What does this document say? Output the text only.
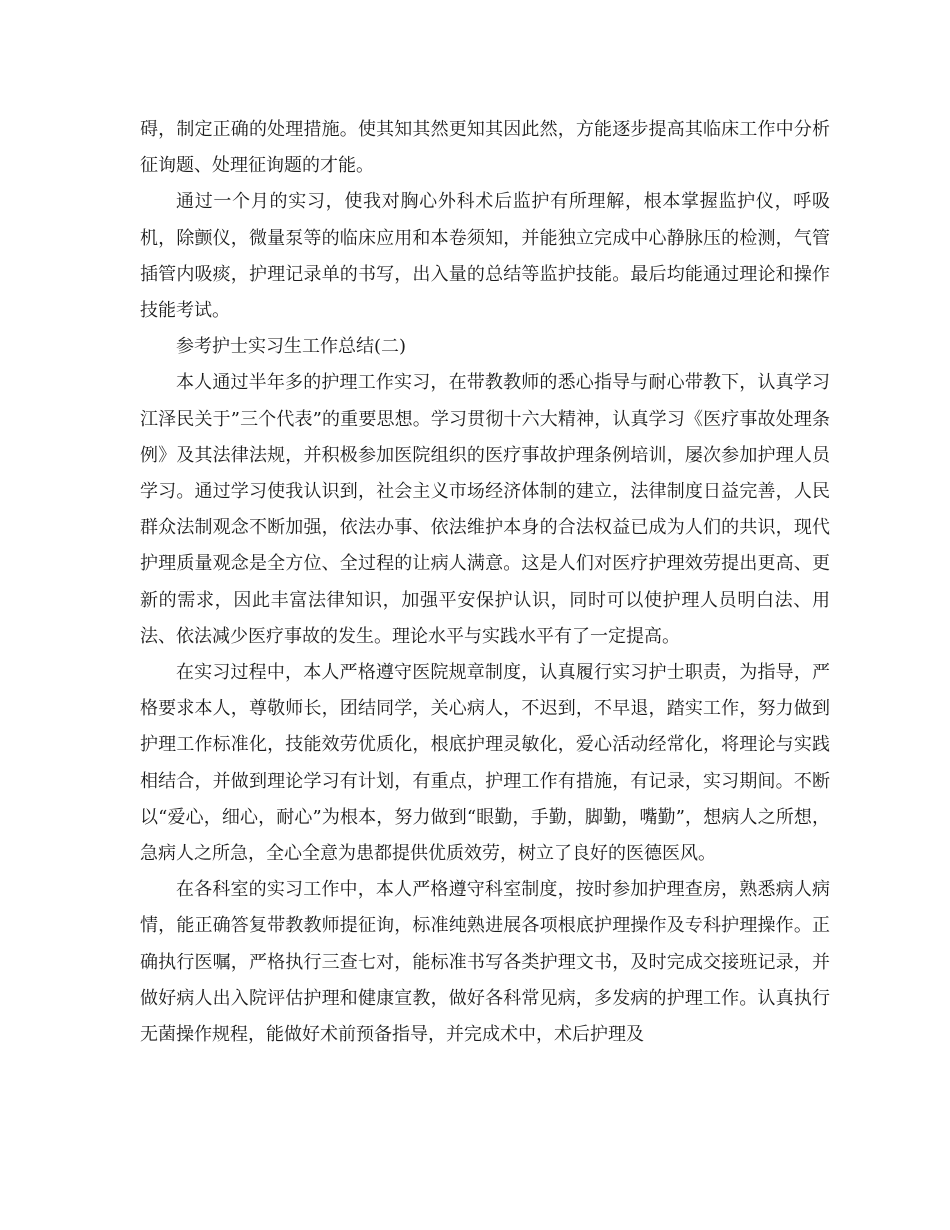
碍，制定正确的处理措施。使其知其然更知其因此然，方能逐步提高其临床工作中分析征询题、处理征询题的才能。

通过一个月的实习，使我对胸心外科术后监护有所理解，根本掌握监护仪，呼吸机，除颤仪，微量泵等的临床应用和本卷须知，并能独立完成中心静脉压的检测，气管插管内吸痰，护理记录单的书写，出入量的总结等监护技能。最后均能通过理论和操作技能考试。

参考护士实习生工作总结(二)

本人通过半年多的护理工作实习，在带教教师的悉心指导与耐心带教下，认真学习江泽民关于”三个代表”的重要思想。学习贯彻十六大精神，认真学习《医疗事故处理条例》及其法律法规，并积极参加医院组织的医疗事故护理条例培训，屡次参加护理人员学习。通过学习使我认识到，社会主义市场经济体制的建立，法律制度日益完善，人民群众法制观念不断加强，依法办事、依法维护本身的合法权益已成为人们的共识，现代护理质量观念是全方位、全过程的让病人满意。这是人们对医疗护理效劳提出更高、更新的需求，因此丰富法律知识，加强平安保护认识，同时可以使护理人员明白法、用法、依法减少医疗事故的发生。理论水平与实践水平有了一定提高。

在实习过程中，本人严格遵守医院规章制度，认真履行实习护士职责，为指导，严格要求本人，尊敬师长，团结同学，关心病人，不迟到，不早退，踏实工作，努力做到护理工作标准化，技能效劳优质化，根底护理灵敏化，爱心活动经常化，将理论与实践相结合，并做到理论学习有计划，有重点，护理工作有措施，有记录，实习期间。不断以“爱心，细心，耐心”为根本，努力做到“眼勤，手勤，脚勤，嘴勤”，想病人之所想，急病人之所急，全心全意为患都提供优质效劳，树立了良好的医德医风。

在各科室的实习工作中，本人严格遵守科室制度，按时参加护理查房，熟悉病人病情，能正确答复带教教师提征询，标准纯熟进展各项根底护理操作及专科护理操作。正确执行医嘱，严格执行三查七对，能标准书写各类护理文书，及时完成交接班记录，并做好病人出入院评估护理和健康宣教，做好各科常见病，多发病的护理工作。认真执行无菌操作规程，能做好术前预备指导，并完成术中，术后护理及
